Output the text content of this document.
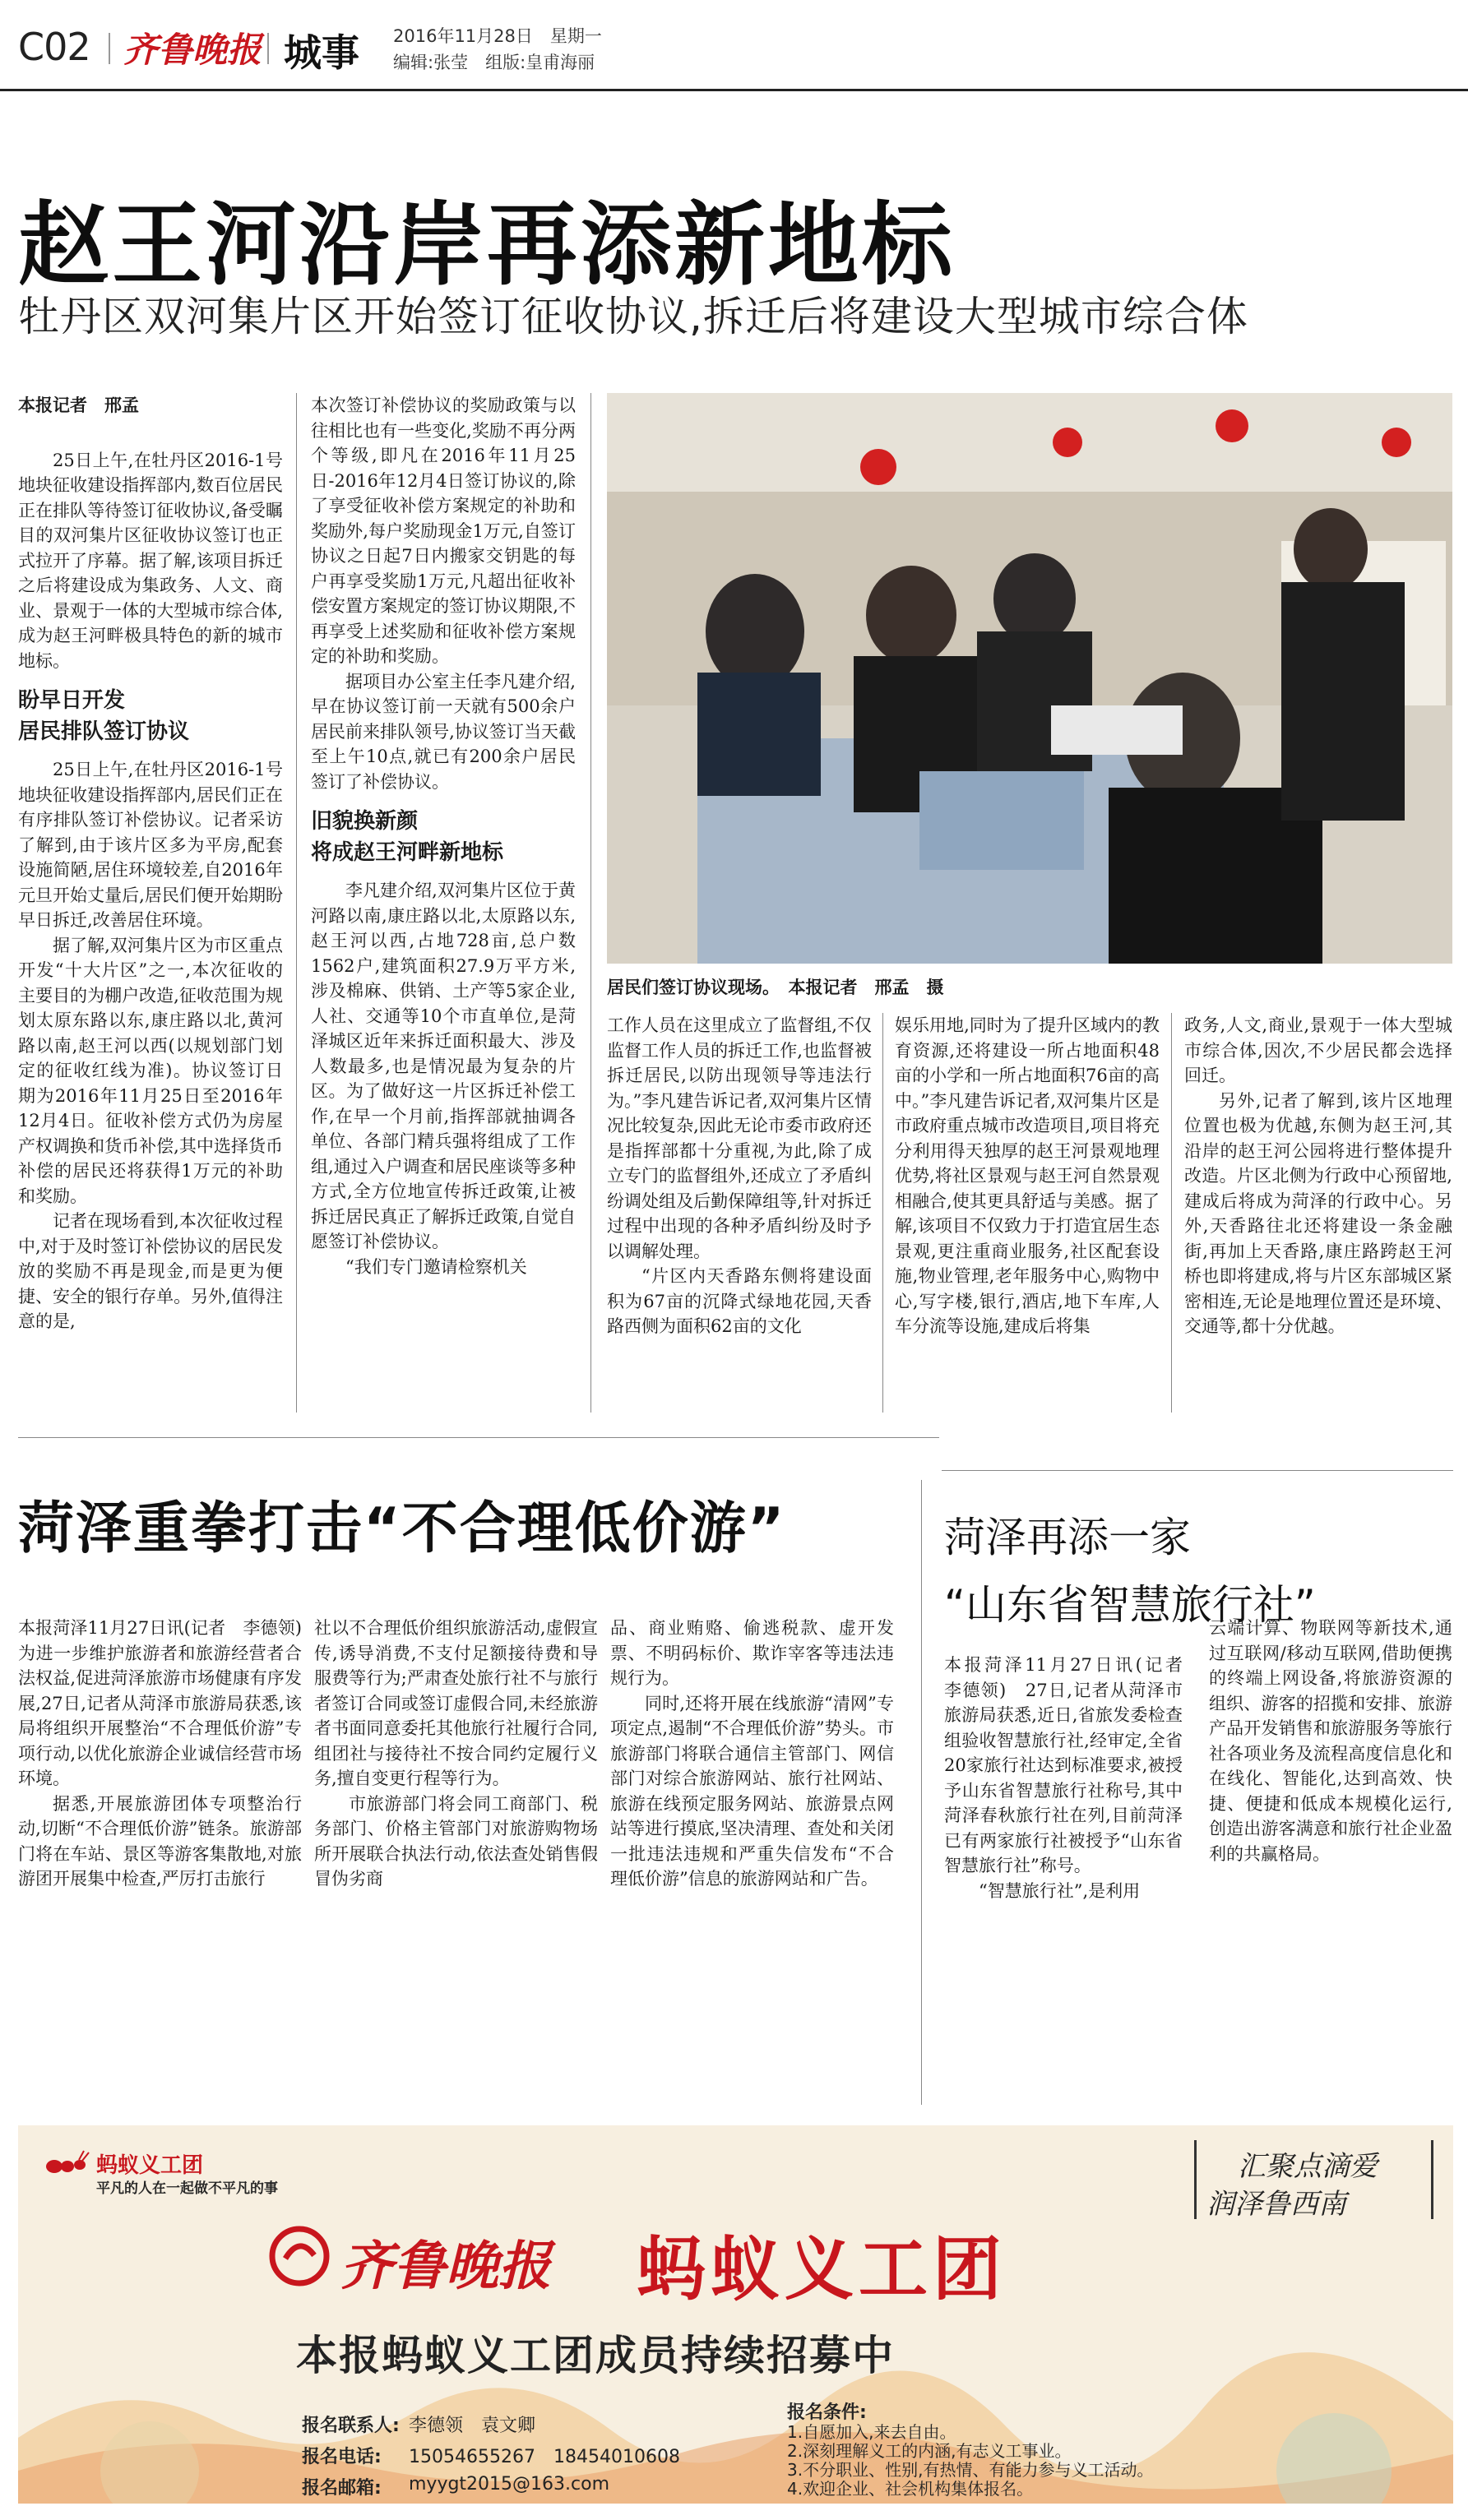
C02 齐鲁晚报 城事 2016年11月28日　星期一
编辑:张莹　组版:皇甫海丽
赵王河沿岸再添新地标
牡丹区双河集片区开始签订征收协议,拆迁后将建设大型城市综合体
本报记者　邢孟

25日上午,在牡丹区2016-1号地块征收建设指挥部内,数百位居民正在排队等待签订征收协议,备受瞩目的双河集片区征收协议签订也正式拉开了序幕。据了解,该项目拆迁之后将建设成为集政务、人文、商业、景观于一体的大型城市综合体,成为赵王河畔极具特色的新的城市地标。

盼早日开发
居民排队签订协议

25日上午,在牡丹区2016-1号地块征收建设指挥部内,居民们正在有序排队签订补偿协议。记者采访了解到,由于该片区多为平房,配套设施简陋,居住环境较差,自2016年元旦开始丈量后,居民们便开始期盼早日拆迁,改善居住环境。

据了解,双河集片区为市区重点开发“十大片区”之一,本次征收的主要目的为棚户改造,征收范围为规划太原东路以东,康庄路以北,黄河路以南,赵王河以西(以规划部门划定的征收红线为准)。协议签订日期为2016年11月25日至2016年12月4日。征收补偿方式仍为房屋产权调换和货币补偿,其中选择货币补偿的居民还将获得1万元的补助和奖励。

记者在现场看到,本次征收过程中,对于及时签订补偿协议的居民发放的奖励不再是现金,而是更为便捷、安全的银行存单。另外,值得注意的是,

本次签订补偿协议的奖励政策与以往相比也有一些变化,奖励不再分两个等级,即凡在2016年11月25日-2016年12月4日签订协议的,除了享受征收补偿方案规定的补助和奖励外,每户奖励现金1万元,自签订协议之日起7日内搬家交钥匙的每户再享受奖励1万元,凡超出征收补偿安置方案规定的签订协议期限,不再享受上述奖励和征收补偿方案规定的补助和奖励。

据项目办公室主任李凡建介绍,早在协议签订前一天就有500余户居民前来排队领号,协议签订当天截至上午10点,就已有200余户居民签订了补偿协议。

旧貌换新颜
将成赵王河畔新地标

李凡建介绍,双河集片区位于黄河路以南,康庄路以北,太原路以东,赵王河以西,占地728亩,总户数1562户,建筑面积27.9万平方米,涉及棉麻、供销、土产等5家企业,人社、交通等10个市直单位,是菏泽城区近年来拆迁面积最大、涉及人数最多,也是情况最为复杂的片区。为了做好这一片区拆迁补偿工作,在早一个月前,指挥部就抽调各单位、各部门精兵强将组成了工作组,通过入户调查和居民座谈等多种方式,全方位地宣传拆迁政策,让被拆迁居民真正了解拆迁政策,自觉自愿签订补偿协议。

“我们专门邀请检察机关

居民们签订协议现场。　本报记者　邢孟　摄

工作人员在这里成立了监督组,不仅监督工作人员的拆迁工作,也监督被拆迁居民,以防出现领导等违法行为。”李凡建告诉记者,双河集片区情况比较复杂,因此无论市委市政府还是指挥部都十分重视,为此,除了成立专门的监督组外,还成立了矛盾纠纷调处组及后勤保障组等,针对拆迁过程中出现的各种矛盾纠纷及时予以调解处理。

“片区内天香路东侧将建设面积为67亩的沉降式绿地花园,天香路西侧为面积62亩的文化

娱乐用地,同时为了提升区域内的教育资源,还将建设一所占地面积48亩的小学和一所占地面积76亩的高中。”李凡建告诉记者,双河集片区是市政府重点城市改造项目,项目将充分利用得天独厚的赵王河景观地理优势,将社区景观与赵王河自然景观相融合,使其更具舒适与美感。据了解,该项目不仅致力于打造宜居生态景观,更注重商业服务,社区配套设施,物业管理,老年服务中心,购物中心,写字楼,银行,酒店,地下车库,人车分流等设施,建成后将集

政务,人文,商业,景观于一体大型城市综合体,因次,不少居民都会选择回迁。

另外,记者了解到,该片区地理位置也极为优越,东侧为赵王河,其沿岸的赵王河公园将进行整体提升改造。片区北侧为行政中心预留地,建成后将成为菏泽的行政中心。另外,天香路往北还将建设一条金融街,再加上天香路,康庄路跨赵王河桥也即将建成,将与片区东部城区紧密相连,无论是地理位置还是环境、交通等,都十分优越。

菏泽重拳打击“不合理低价游”

本报菏泽11月27日讯(记者　李德领)　为进一步维护旅游者和旅游经营者合法权益,促进菏泽旅游市场健康有序发展,27日,记者从菏泽市旅游局获悉,该局将组织开展整治“不合理低价游”专项行动,以优化旅游企业诚信经营市场环境。

据悉,开展旅游团体专项整治行动,切断“不合理低价游”链条。旅游部门将在车站、景区等游客集散地,对旅游团开展集中检查,严厉打击旅行

社以不合理低价组织旅游活动,虚假宣传,诱导消费,不支付足额接待费和导服费等行为;严肃查处旅行社不与旅行者签订合同或签订虚假合同,未经旅游者书面同意委托其他旅行社履行合同,组团社与接待社不按合同约定履行义务,擅自变更行程等行为。

市旅游部门将会同工商部门、税务部门、价格主管部门对旅游购物场所开展联合执法行动,依法查处销售假冒伪劣商

品、商业贿赂、偷逃税款、虚开发票、不明码标价、欺诈宰客等违法违规行为。

同时,还将开展在线旅游“清网”专项定点,遏制“不合理低价游”势头。市旅游部门将联合通信主管部门、网信部门对综合旅游网站、旅行社网站、旅游在线预定服务网站、旅游景点网站等进行摸底,坚决清理、查处和关闭一批违法违规和严重失信发布“不合理低价游”信息的旅游网站和广告。

菏泽再添一家
“山东省智慧旅行社”

本报菏泽11月27日讯(记者　李德领)　27日,记者从菏泽市旅游局获悉,近日,省旅发委检查组验收智慧旅行社,经审定,全省20家旅行社达到标准要求,被授予山东省智慧旅行社称号,其中菏泽春秋旅行社在列,目前菏泽已有两家旅行社被授予“山东省智慧旅行社”称号。

“智慧旅行社”,是利用

云端计算、物联网等新技术,通过互联网/移动互联网,借助便携的终端上网设备,将旅游资源的组织、游客的招揽和安排、旅游产品开发销售和旅游服务等旅行社各项业务及流程高度信息化和在线化、智能化,达到高效、快捷、便捷和低成本规模化运行,创造出游客满意和旅行社企业盈利的共赢格局。

蚂蚁义工团
平凡的人在一起做不平凡的事
汇聚点滴爱
润泽鲁西南
齐鲁晚报 蚂蚁义工团
本报蚂蚁义工团成员持续招募中
报名联系人: 李德领　袁文卿
报名电话: 15054655267　18454010608
报名邮箱: myygt2015@163.com
报名条件:
1.自愿加入,来去自由。
2.深刻理解义工的内涵,有志义工事业。
3.不分职业、性别,有热情、有能力参与义工活动。
4.欢迎企业、社会机构集体报名。
